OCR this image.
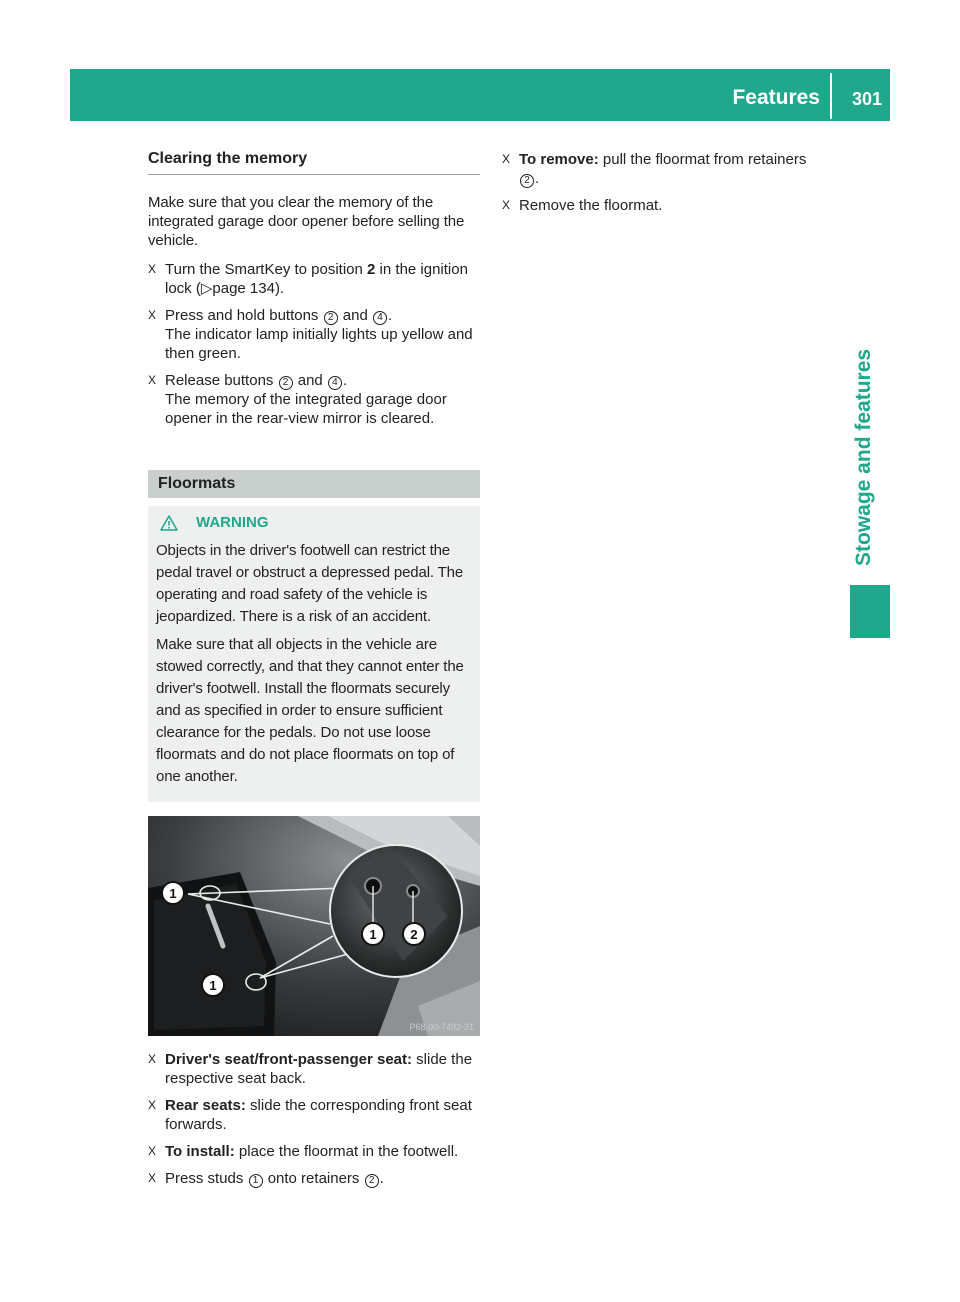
Features 301
Stowage and features
Clearing the memory
Make sure that you clear the memory of the integrated garage door opener before selling the vehicle.
X Turn the SmartKey to position 2 in the ignition lock (▷page 134).
X Press and hold buttons 2 and 4 .
The indicator lamp initially lights up yellow and then green.
X Release buttons 2 and 4 .
The memory of the integrated garage door opener in the rear-view mirror is cleared.
Floormats
WARNING
Objects in the driver's footwell can restrict the pedal travel or obstruct a depressed pedal. The operating and road safety of the vehicle is jeopardized. There is a risk of an accident.
Make sure that all objects in the vehicle are stowed correctly, and that they cannot enter the driver's footwell. Install the floormats securely and as specified in order to ensure sufficient clearance for the pedals. Do not use loose floormats and do not place floormats on top of one another.
1
1
1	2
P68.00-7492-31
X Driver's seat/front-passenger seat: slide the respective seat back.
X Rear seats: slide the corresponding front seat forwards.
X To install: place the floormat in the footwell.
X Press studs 1 onto retainers 2 .
X To remove: pull the floormat from retainers 2 .
X Remove the floormat.
